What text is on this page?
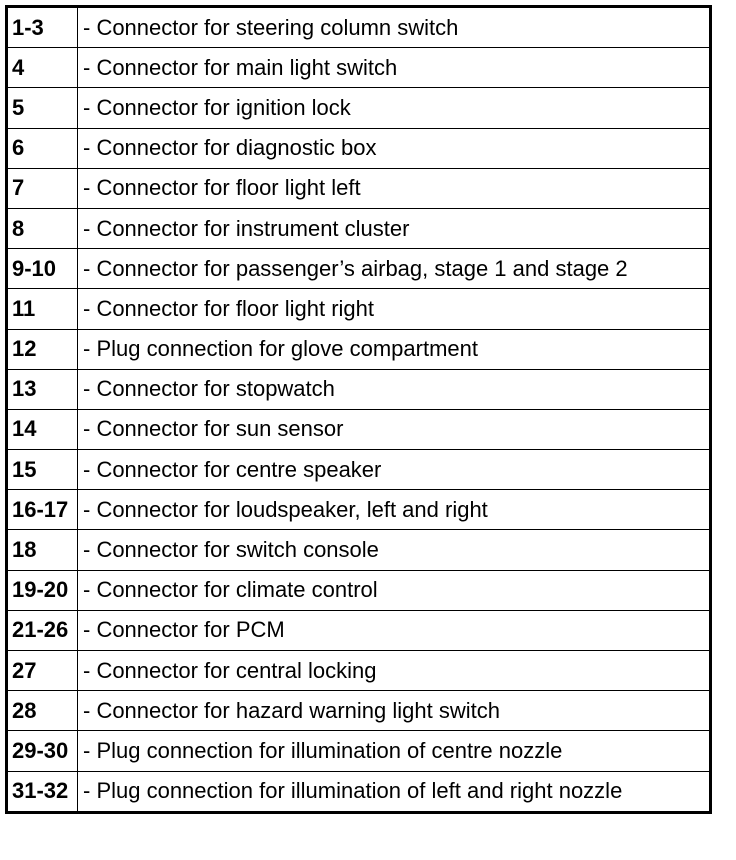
1-3	- Connector for steering column switch
4	- Connector for main light switch
5	- Connector for ignition lock
6	- Connector for diagnostic box
7	- Connector for floor light left
8	- Connector for instrument cluster
9-10	- Connector for passenger’s airbag, stage 1 and stage 2
11	- Connector for floor light right
12	- Plug connection for glove compartment
13	- Connector for stopwatch
14	- Connector for sun sensor
15	- Connector for centre speaker
16-17	- Connector for loudspeaker, left and right
18	- Connector for switch console
19-20	- Connector for climate control
21-26	- Connector for PCM
27	- Connector for central locking
28	- Connector for hazard warning light switch
29-30	- Plug connection for illumination of centre nozzle
31-32	- Plug connection for illumination of left and right nozzle
